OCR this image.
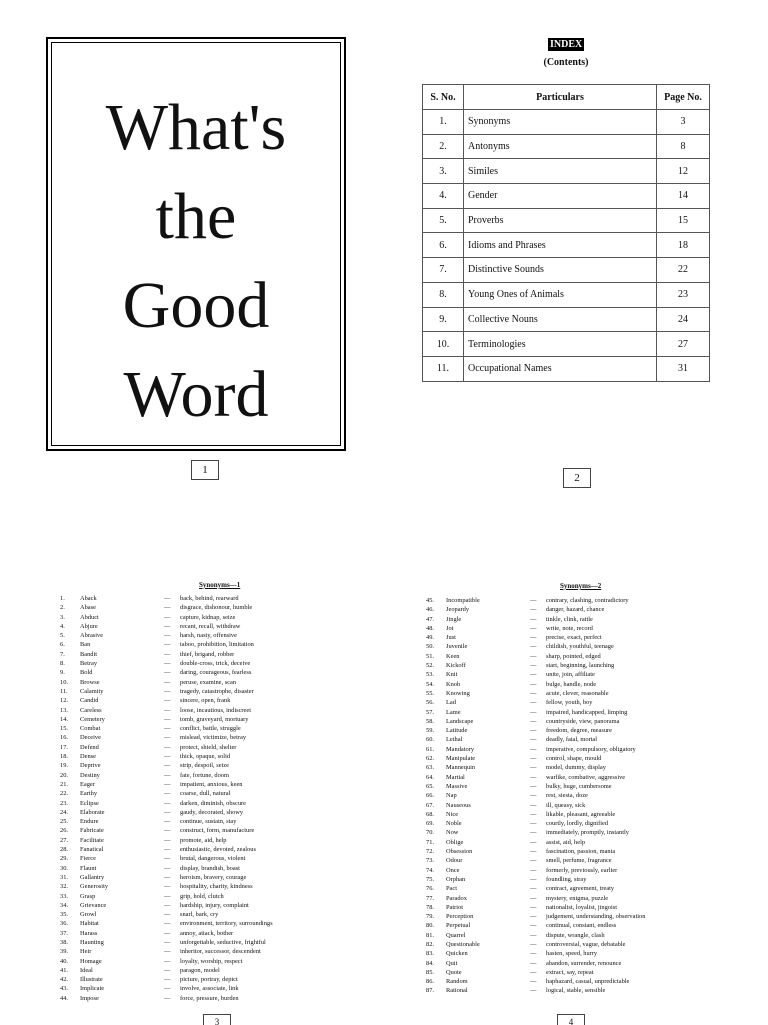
What's
the
Good
Word
1
INDEX
(Contents)
S. No.	Particulars	Page No.
1.	Synonyms	3
2.	Antonyms	8
3.	Similes	12
4.	Gender	14
5.	Proverbs	15
6.	Idioms and Phrases	18
7.	Distinctive Sounds	22
8.	Young Ones of Animals	23
9.	Collective Nouns	24
10.	Terminologies	27
11.	Occupational Names	31
2
Synonyms—1
1. Aback	— back, behind, rearward
2. Abase	— disgrace, dishonour, humble
3. Abduct	— capture, kidnap, seize
4. Abjure	— recant, recall, withdraw
5. Abrasive	— harsh, nasty, offensive
6. Ban	— taboo, prohibition, limitation
7. Bandit	— thief, brigand, robber
8. Betray	— double-cross, trick, deceive
9. Bold	— daring, courageous, fearless
10. Browse	— peruse, examine, scan
11. Calamity	— tragedy, catastrophe, disaster
12. Candid	— sincere, open, frank
13. Careless	— loose, incautious, indiscreet
14. Cemetery	— tomb, graveyard, mortuary
15. Combat	— conflict, battle, struggle
16. Deceive	— mislead, victimize, betray
17. Defend	— protect, shield, shelter
18. Dense	— thick, opaque, solid
19. Deprive	— strip, despoil, seize
20. Destiny	— fate, fortune, doom
21. Eager	— impatient, anxious, keen
22. Earthy	— coarse, dull, natural
23. Eclipse	— darken, diminish, obscure
24. Elaborate	— gaudy, decorated, showy
25. Endure	— continue, sustain, stay
26. Fabricate	— construct, form, manufacture
27. Facilitate	— promote, aid, help
28. Fanatical	— enthusiastic, devoted, zealous
29. Fierce	— brutal, dangerous, violent
30. Flaunt	— display, brandish, boast
31. Gallantry	— heroism, bravery, courage
32. Generosity	— hospitality, charity, kindness
33. Grasp	— grip, hold, clutch
34. Grievance	— hardship, injury, complaint
35. Growl	— snarl, bark, cry
36. Habitat	— environment, territory, surroundings
37. Harass	— annoy, attack, bother
38. Haunting	— unforgettable, seductive, frightful
39. Heir	— inheritor, successor, descendent
40. Homage	— loyalty, worship, respect
41. Ideal	— paragon, model
42. Illustrate	— picture, portray, depict
43. Implicate	— involve, associate, link
44. Impose	— force, pressure, burden
3
Synonyms—2
45. Incompatible	— contrary, clashing, contradictory
46. Jeopardy	— danger, hazard, chance
47. Jingle	— tinkle, clink, rattle
48. Jot	— write, note, record
49. Just	— precise, exact, perfect
50. Juvenile	— childish, youthful, teenage
51. Keen	— sharp, pointed, edged
52. Kickoff	— start, beginning, launching
53. Knit	— unite, join, affiliate
54. Knob	— bulge, handle, node
55. Knowing	— acute, clever, reasonable
56. Lad	— fellow, youth, boy
57. Lame	— impaired, handicapped, limping
58. Landscape	— countryside, view, panorama
59. Latitude	— freedom, degree, measure
60. Lethal	— deadly, fatal, mortal
61. Mandatory	— imperative, compulsory, obligatory
62. Manipulate	— control, shape, mould
63. Mannequin	— model, dummy, display
64. Martial	— warlike, combative, aggressive
65. Massive	— bulky, huge, cumbersome
66. Nap	— rest, siesta, doze
67. Nauseous	— ill, queasy, sick
68. Nice	— likable, pleasant, agreeable
69. Noble	— courtly, lordly, dignified
70. Now	— immediately, promptly, instantly
71. Oblige	— assist, aid, help
72. Obsession	— fascination, passion, mania
73. Odour	— smell, perfume, fragrance
74. Once	— formerly, previously, earlier
75. Orphan	— foundling, stray
76. Pact	— contract, agreement, treaty
77. Paradox	— mystery, enigma, puzzle
78. Patriot	— nationalist, loyalist, jingoist
79. Perception	— judgement, understanding, observation
80. Perpetual	— continual, constant, endless
81. Quarrel	— dispute, wrangle, clash
82. Questionable	— controversial, vague, debatable
83. Quicken	— hasten, speed, hurry
84. Quit	— abandon, surrender, renounce
85. Quote	— extract, say, repeat
86. Random	— haphazard, casual, unpredictable
87. Rational	— logical, stable, sensible
4
